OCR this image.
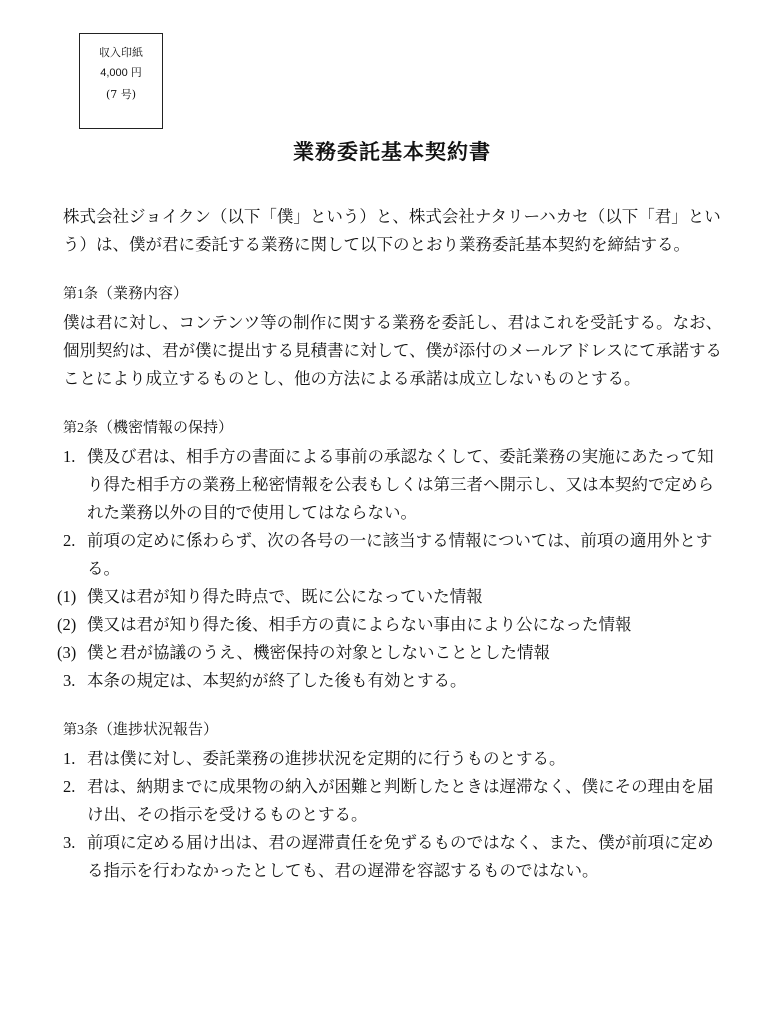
収入印紙
4,000 円
(7 号)
業務委託基本契約書

株式会社ジョイクン（以下「僕」という）と、株式会社ナタリーハカセ（以下「君」という）は、僕が君に委託する業務に関して以下のとおり業務委託基本契約を締結する。

第1条（業務内容）

僕は君に対し、コンテンツ等の制作に関する業務を委託し、君はこれを受託する。なお、個別契約は、君が僕に提出する見積書に対して、僕が添付のメールアドレスにて承諾することにより成立するものとし、他の方法による承諾は成立しないものとする。

第2条（機密情報の保持）

1. 僕及び君は、相手方の書面による事前の承認なくして、委託業務の実施にあたって知り得た相手方の業務上秘密情報を公表もしくは第三者へ開示し、又は本契約で定められた業務以外の目的で使用してはならない。
2. 前項の定めに係わらず、次の各号の一に該当する情報については、前項の適用外とする。
(1) 僕又は君が知り得た時点で、既に公になっていた情報
(2) 僕又は君が知り得た後、相手方の責によらない事由により公になった情報
(3) 僕と君が協議のうえ、機密保持の対象としないこととした情報
3. 本条の規定は、本契約が終了した後も有効とする。

第3条（進捗状況報告）

1. 君は僕に対し、委託業務の進捗状況を定期的に行うものとする。
2. 君は、納期までに成果物の納入が困難と判断したときは遅滞なく、僕にその理由を届け出、その指示を受けるものとする。
3. 前項に定める届け出は、君の遅滞責任を免ずるものではなく、また、僕が前項に定める指示を行わなかったとしても、君の遅滞を容認するものではない。
